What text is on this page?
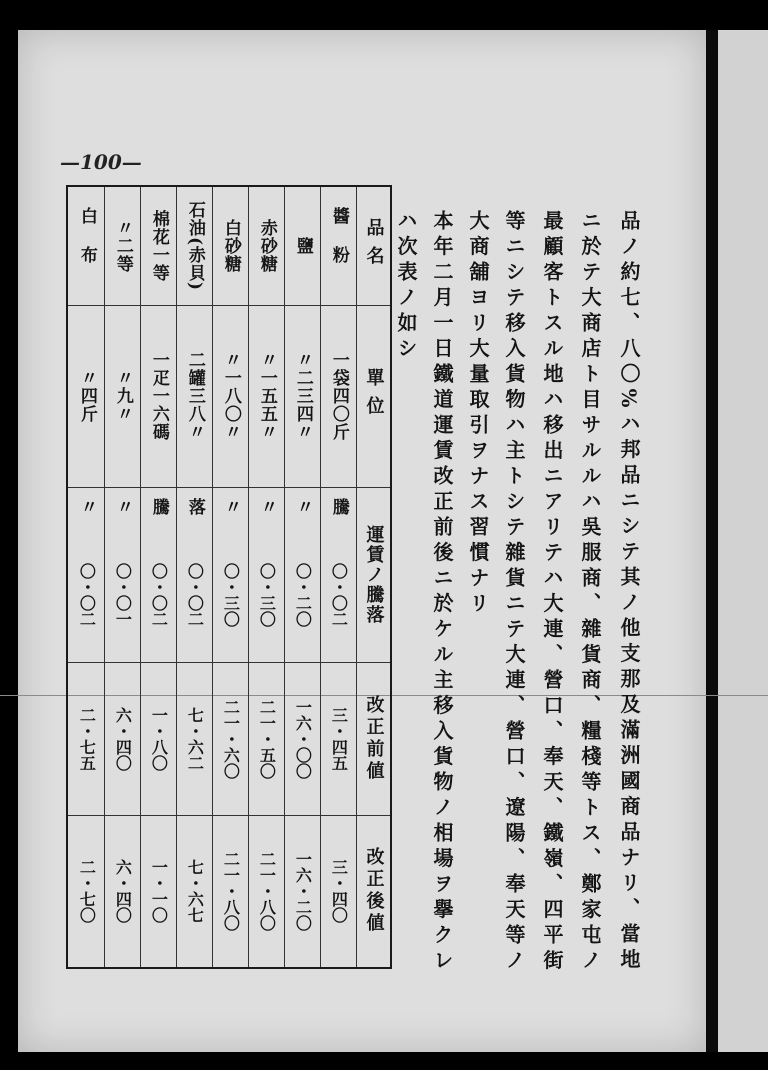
—100—
品ノ約七、八〇%ハ邦品ニシテ其ノ他支那及滿洲國商品ナリ、當地
ニ於テ大商店ト目サルルハ吳服商、雜貨商、糧棧等トス、鄭家屯ノ
最顧客トスル地ハ移出ニアリテハ大連、營口、奉天、鐵嶺、四平街
等ニシテ移入貨物ハ主トシテ雜貨ニテ大連、營口、遼陽、奉天等ノ
大商舖ヨリ大量取引ヲナス習慣ナリ
本年二月一日鐵道運賃改正前後ニ於ケル主移入貨物ノ相場ヲ擧クレ
ハ次表ノ如シ
品名
單位
運賃ノ騰落
改正前値
改正後値
醬粉
一袋四〇斤
騰
〇・〇二
三・四五
三・四〇
鹽
〃二三四〃
〃
〇・二〇
一六・〇〇
一六・二〇
赤砂糖
〃一五五〃
〃
〇・三〇
二一・五〇
二一・八〇
白砂糖
〃一八〇〃
〃
〇・三〇
二一・六〇
二一・八〇
石油(赤貝)
二罐三八〃
落
〇・〇二
七・六二
七・六七
棉花一等
一疋一六碼
騰
〇・〇二
一・八〇
一・一〇
〃二等
〃九〃
〃
〇・〇一
六・四〇
六・四〇
白布
〃四斤
〃
〇・〇二
二・七五
二・七〇
